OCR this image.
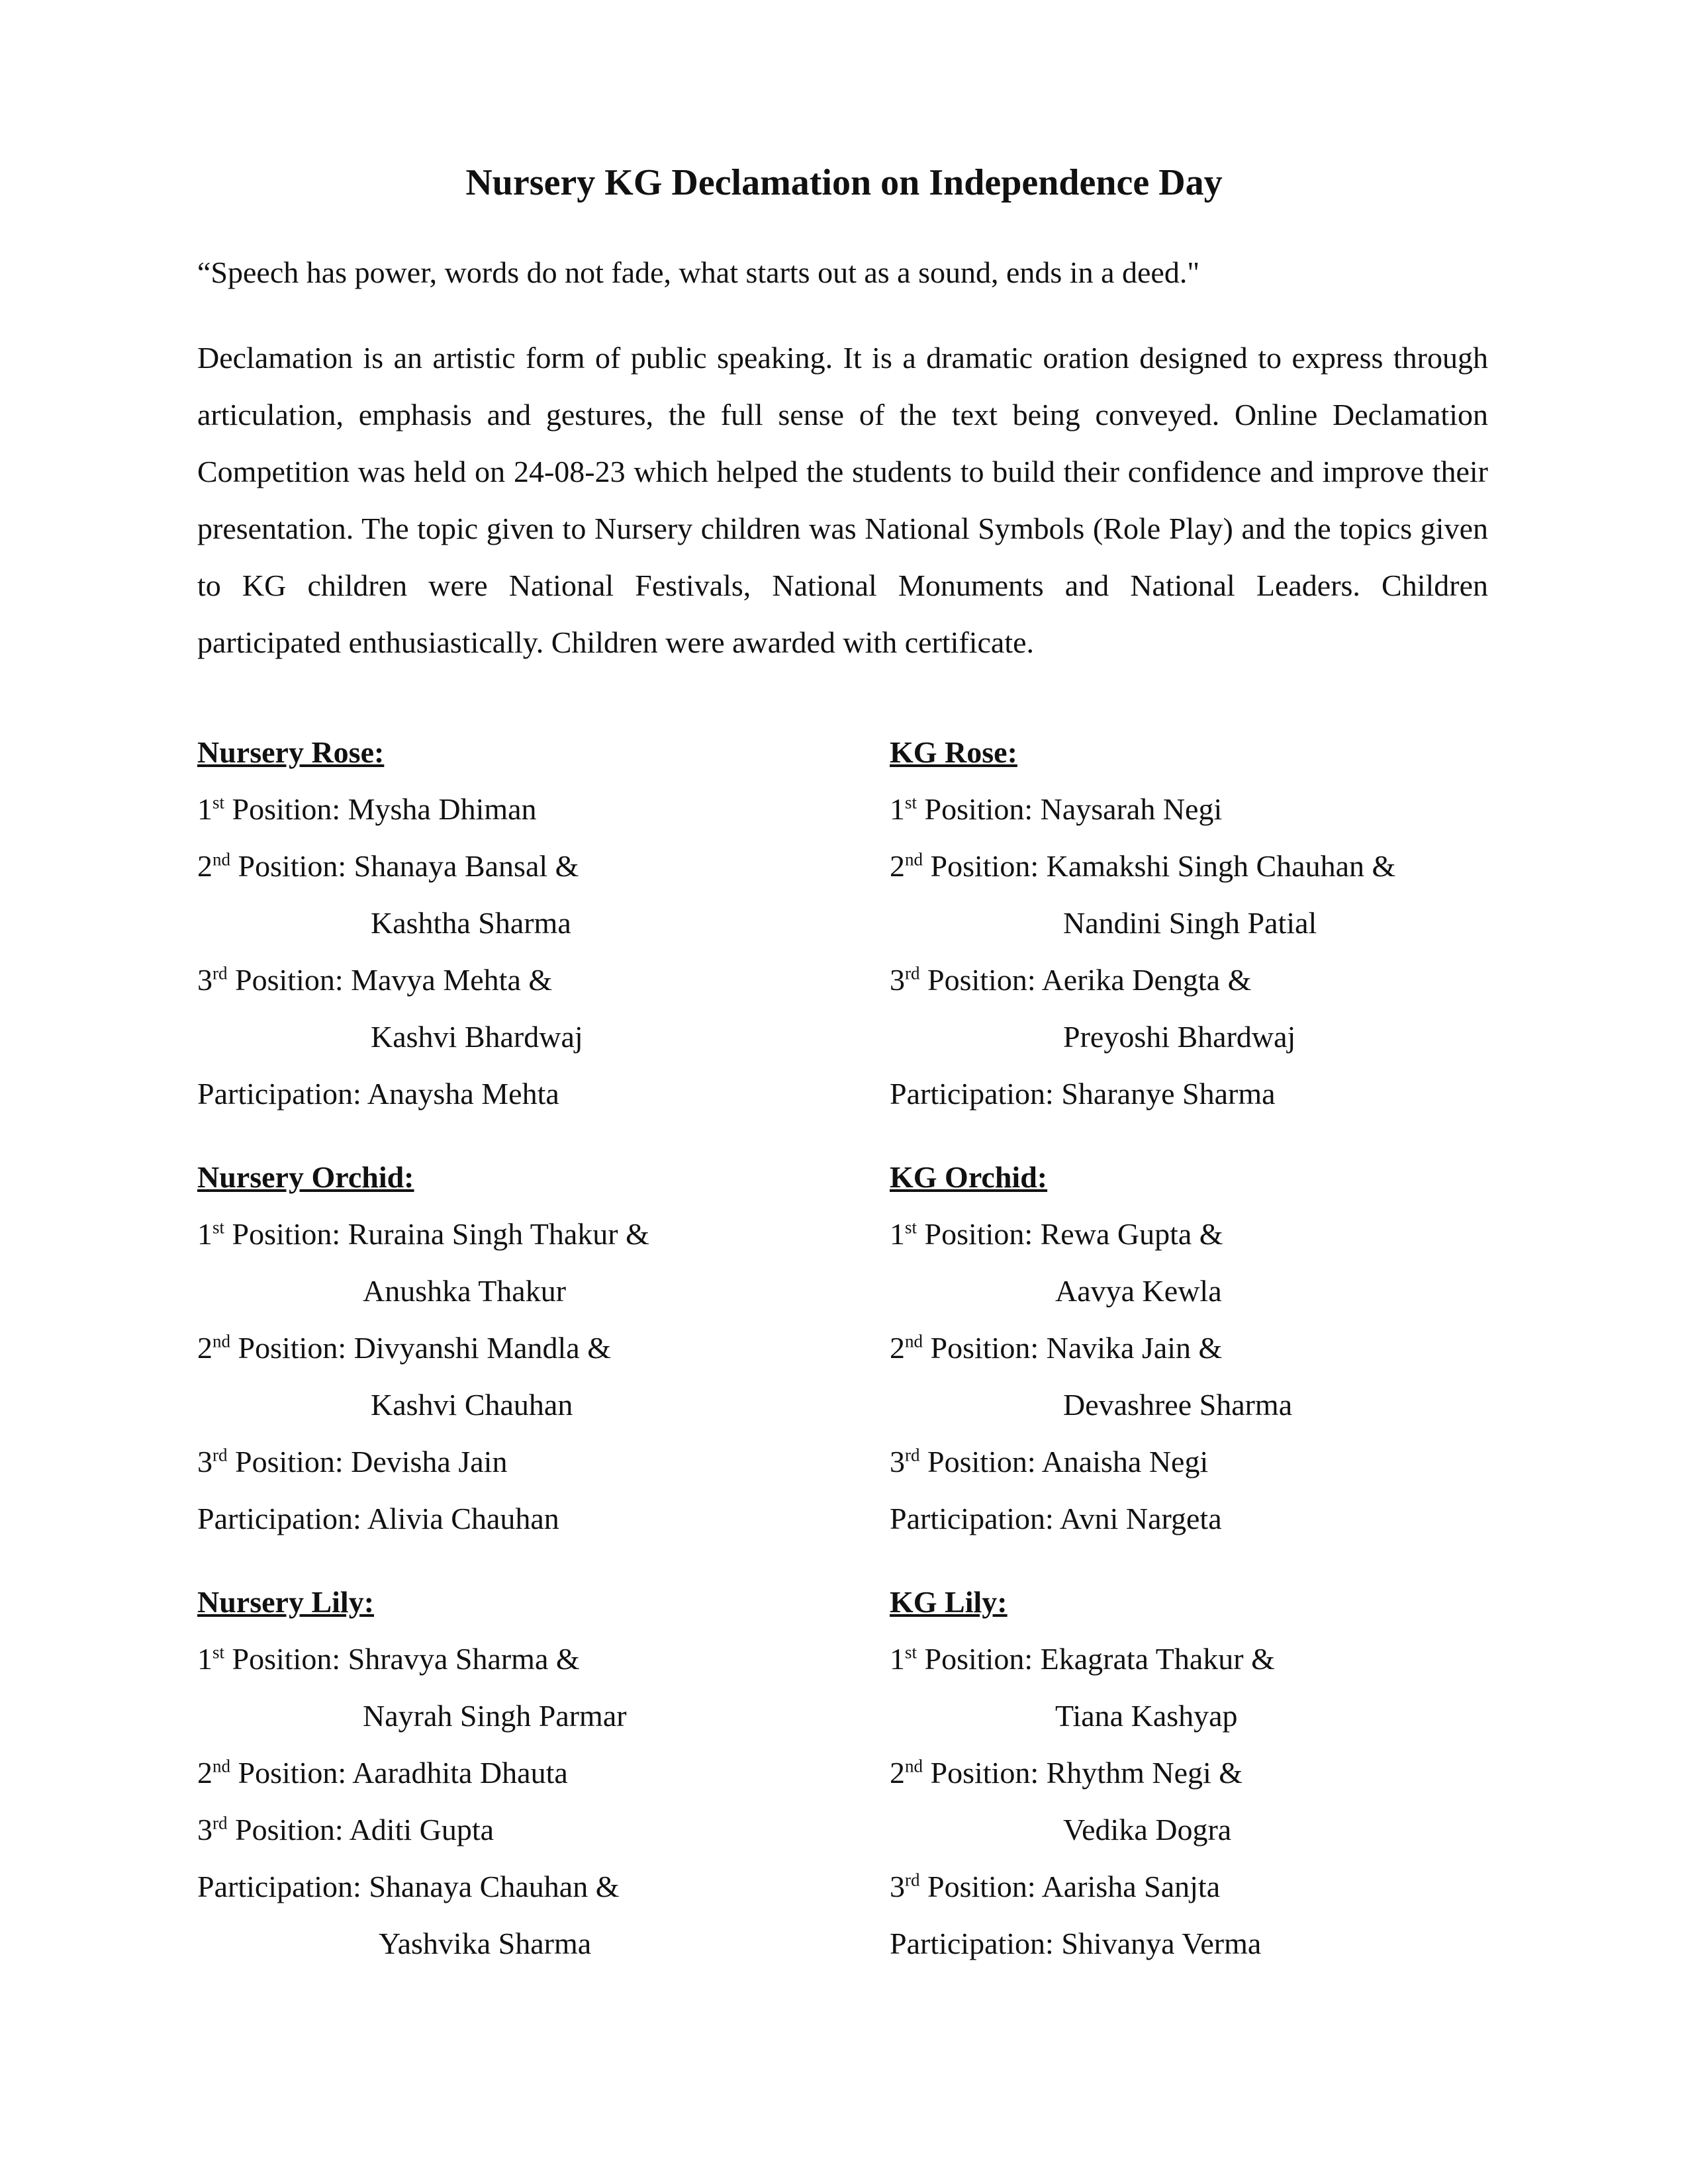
Nursery KG Declamation on Independence Day

“Speech has power, words do not fade, what starts out as a sound, ends in a deed."

Declamation is an artistic form of public speaking. It is a dramatic oration designed to express through articulation, emphasis and gestures, the full sense of the text being conveyed. Online Declamation Competition was held on 24-08-23 which helped the students to build their confidence and improve their presentation. The topic given to Nursery children was National Symbols (Role Play) and the topics given to KG children were National Festivals, National Monuments and National Leaders. Children participated enthusiastically. Children were awarded with certificate.

Nursery Rose:
1st Position: Mysha Dhiman
2nd Position: Shanaya Bansal &
Kashtha Sharma
3rd Position: Mavya Mehta &
Kashvi Bhardwaj
Participation: Anaysha Mehta
KG Rose:
1st Position: Naysarah Negi
2nd Position: Kamakshi Singh Chauhan &
Nandini Singh Patial
3rd Position: Aerika Dengta &
Preyoshi Bhardwaj
Participation: Sharanye Sharma
Nursery Orchid:
1st Position: Ruraina Singh Thakur &
Anushka Thakur
2nd Position: Divyanshi Mandla &
Kashvi Chauhan
3rd Position: Devisha Jain
Participation: Alivia Chauhan
KG Orchid:
1st Position: Rewa Gupta &
Aavya Kewla
2nd Position: Navika Jain &
Devashree Sharma
3rd Position: Anaisha Negi
Participation: Avni Nargeta
Nursery Lily:
1st Position: Shravya Sharma &
Nayrah Singh Parmar
2nd Position: Aaradhita Dhauta
3rd Position: Aditi Gupta
Participation: Shanaya Chauhan &
Yashvika Sharma
KG Lily:
1st Position: Ekagrata Thakur &
Tiana Kashyap
2nd Position: Rhythm Negi &
Vedika Dogra
3rd Position: Aarisha Sanjta
Participation: Shivanya Verma
